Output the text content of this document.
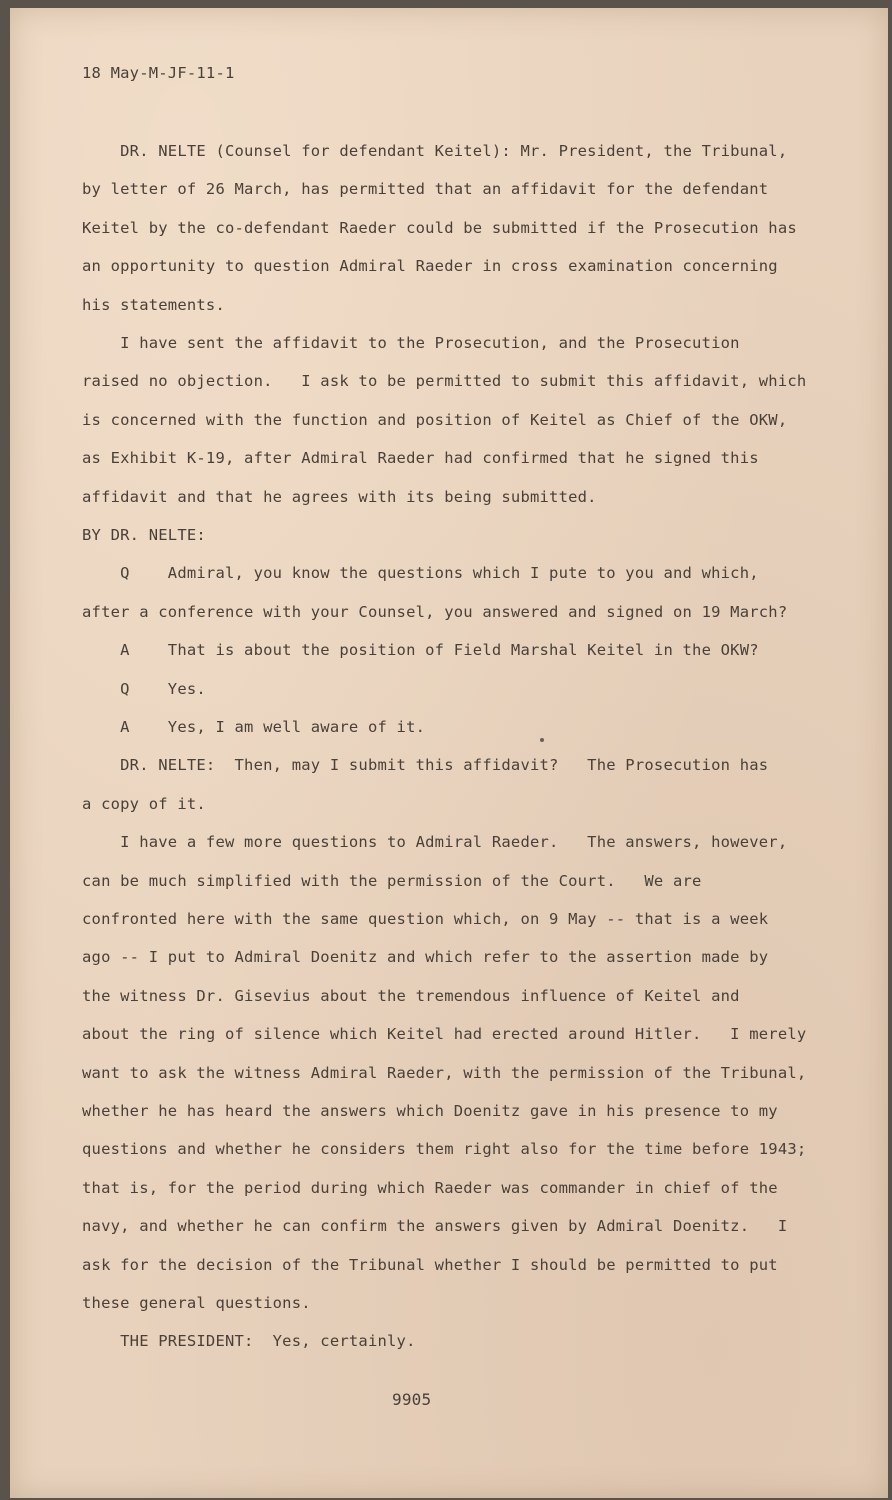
18 May-M-JF-11-1

DR. NELTE (Counsel for defendant Keitel): Mr. President, the Tribunal,

by letter of 26 March, has permitted that an affidavit for the defendant

Keitel by the co-defendant Raeder could be submitted if the Prosecution has

an opportunity to question Admiral Raeder in cross examination concerning

his statements.

I have sent the affidavit to the Prosecution, and the Prosecution

raised no objection.   I ask to be permitted to submit this affidavit, which

is concerned with the function and position of Keitel as Chief of the OKW,

as Exhibit K-19, after Admiral Raeder had confirmed that he signed this

affidavit and that he agrees with its being submitted.

BY DR. NELTE:

Q    Admiral, you know the questions which I pute to you and which,

after a conference with your Counsel, you answered and signed on 19 March?

A    That is about the position of Field Marshal Keitel in the OKW?

Q    Yes.

A    Yes, I am well aware of it.

DR. NELTE:  Then, may I submit this affidavit?   The Prosecution has

a copy of it.

I have a few more questions to Admiral Raeder.   The answers, however,

can be much simplified with the permission of the Court.   We are

confronted here with the same question which, on 9 May -- that is a week

ago -- I put to Admiral Doenitz and which refer to the assertion made by

the witness Dr. Gisevius about the tremendous influence of Keitel and

about the ring of silence which Keitel had erected around Hitler.   I merely

want to ask the witness Admiral Raeder, with the permission of the Tribunal,

whether he has heard the answers which Doenitz gave in his presence to my

questions and whether he considers them right also for the time before 1943;

that is, for the period during which Raeder was commander in chief of the

navy, and whether he can confirm the answers given by Admiral Doenitz.   I

ask for the decision of the Tribunal whether I should be permitted to put

these general questions.

THE PRESIDENT:  Yes, certainly.

9905
